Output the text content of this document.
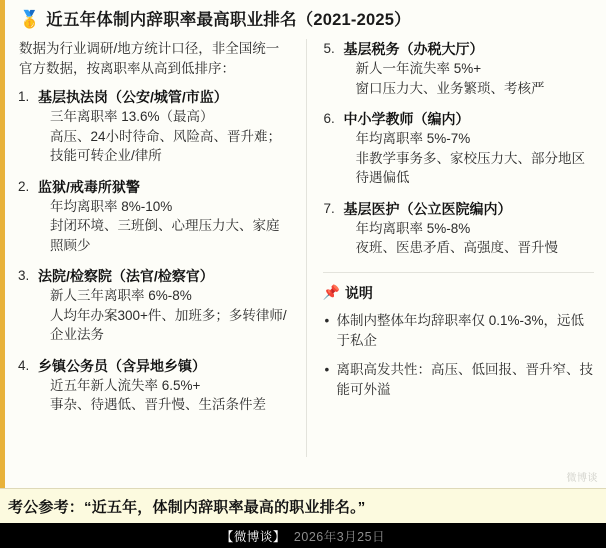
🥇 近五年体制内辞职率最高职业排名（2021-2025）
数据为行业调研/地方统计口径，非全国统一官方数据，按离职率从高到低排序：
基层执法岗（公安/城管/市监）
三年离职率 13.6%（最高）
高压、24小时待命、风险高、晋升难；技能可转企业/律所
监狱/戒毒所狱警
年均离职率 8%-10%
封闭环境、三班倒、心理压力大、家庭照顾少
法院/检察院（法官/检察官）
新人三年离职率 6%-8%
人均年办案300+件、加班多；多转律师/企业法务
乡镇公务员（含异地乡镇）
近五年新人流失率 6.5%+
事杂、待遇低、晋升慢、生活条件差
基层税务（办税大厅）
新人一年流失率 5%+
窗口压力大、业务繁琐、考核严
中小学教师（编内）
年均离职率 5%-7%
非教学事务多、家校压力大、部分地区待遇偏低
基层医护（公立医院编内）
年均离职率 5%-8%
夜班、医患矛盾、高强度、晋升慢
📌 说明
• 体制内整体年均辞职率仅 0.1%-3%，远低于私企
• 离职高发共性：高压、低回报、晋升窄、技能可外溢
微博谈
考公参考：“近五年，体制内辞职率最高的职业排名。”
【微博谈】 2026年3月25日
